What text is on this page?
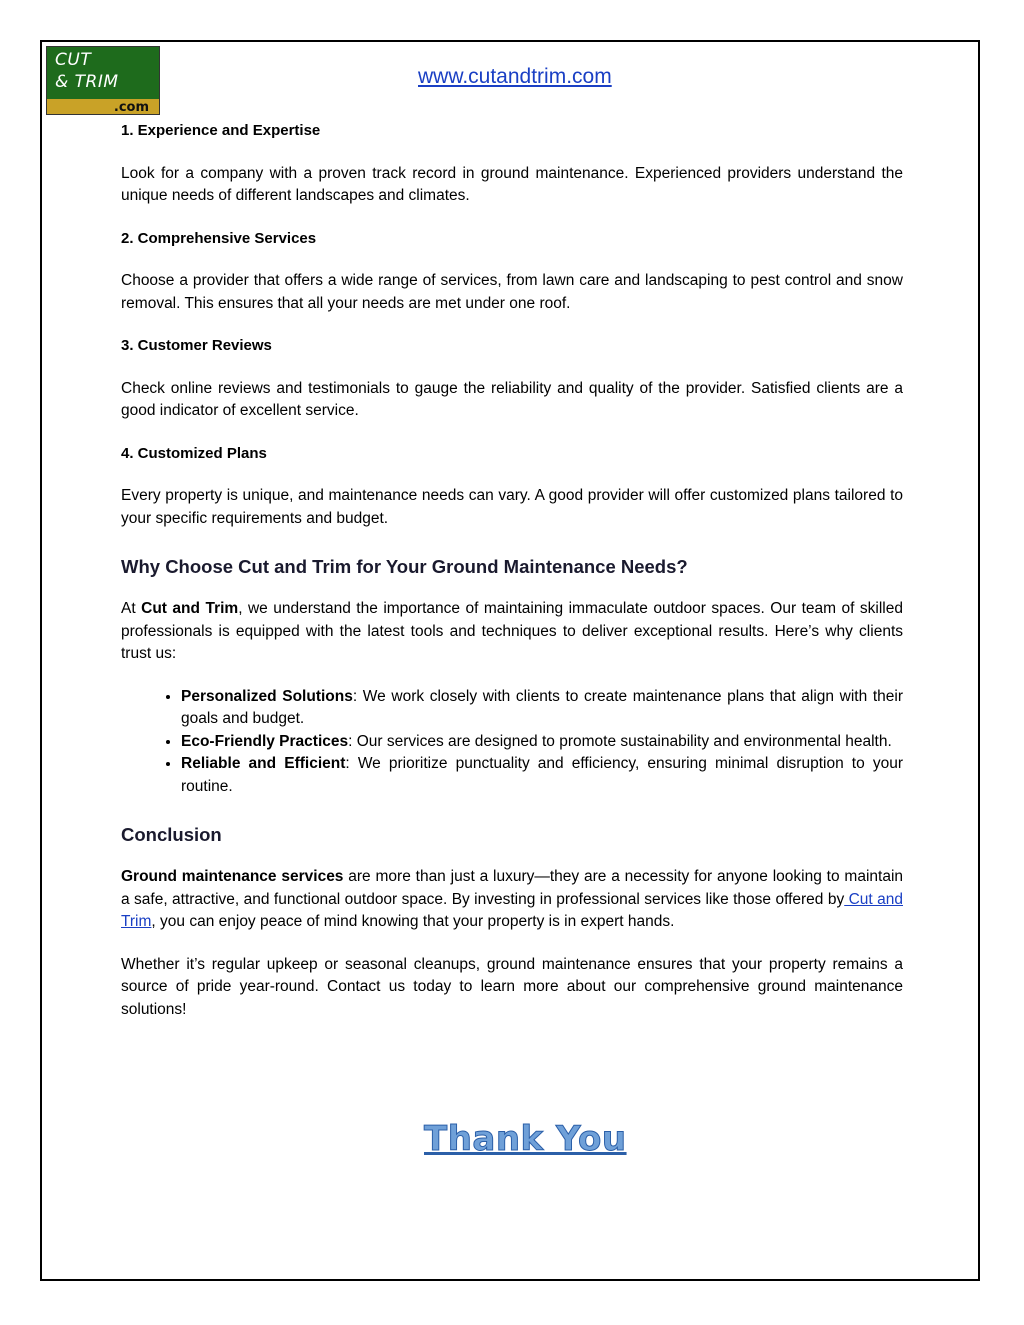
CUT
& TRIM
.com
www.cutandtrim.com

1. Experience and Expertise

Look for a company with a proven track record in ground maintenance. Experienced providers understand the unique needs of different landscapes and climates.

2. Comprehensive Services

Choose a provider that offers a wide range of services, from lawn care and landscaping to pest control and snow removal. This ensures that all your needs are met under one roof.

3. Customer Reviews

Check online reviews and testimonials to gauge the reliability and quality of the provider. Satisfied clients are a good indicator of excellent service.

4. Customized Plans

Every property is unique, and maintenance needs can vary. A good provider will offer customized plans tailored to your specific requirements and budget.

Why Choose Cut and Trim for Your Ground Maintenance Needs?

At Cut and Trim, we understand the importance of maintaining immaculate outdoor spaces. Our team of skilled professionals is equipped with the latest tools and techniques to deliver exceptional results. Here’s why clients trust us:

• Personalized Solutions: We work closely with clients to create maintenance plans that align with their goals and budget.
• Eco-Friendly Practices: Our services are designed to promote sustainability and environmental health.
• Reliable and Efficient: We prioritize punctuality and efficiency, ensuring minimal disruption to your routine.

Conclusion

Ground maintenance services are more than just a luxury—they are a necessity for anyone looking to maintain a safe, attractive, and functional outdoor space. By investing in professional services like those offered by Cut and Trim, you can enjoy peace of mind knowing that your property is in expert hands.

Whether it’s regular upkeep or seasonal cleanups, ground maintenance ensures that your property remains a source of pride year-round. Contact us today to learn more about our comprehensive ground maintenance solutions!

Thank You
